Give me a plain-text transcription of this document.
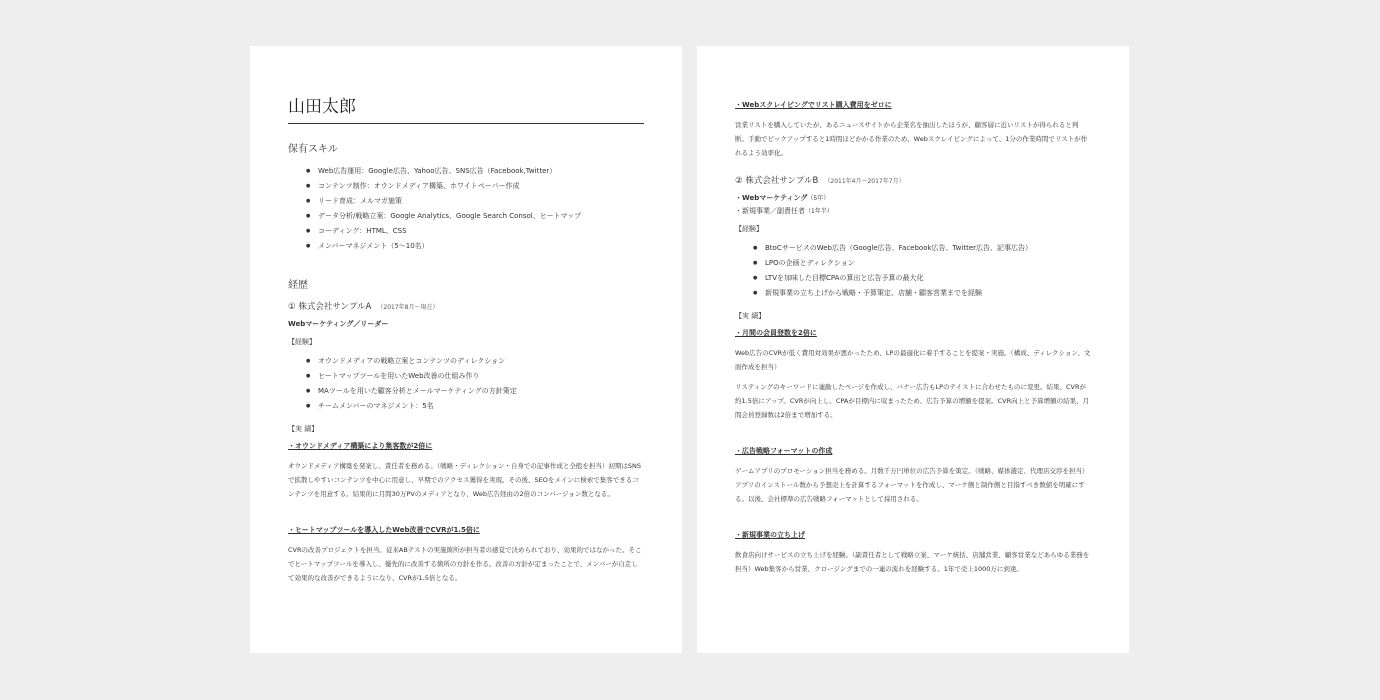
山田太郎
保有スキル
● Web広告運用：Google広告、Yahoo広告、SNS広告（Facebook,Twitter）
● コンテンツ制作：オウンドメディア構築、ホワイトペーパー作成
● リード育成：メルマガ施策
● データ分析/戦略立案：Google Analytics、Google Search Consol、ヒートマップ
● コーディング：HTML、CSS
● メンバーマネジメント（5〜10名）
経歴
① 株式会社サンプルA （2017年8月〜現在）
Webマーケティング／リーダー
【経験】
● オウンドメディアの戦略立案とコンテンツのディレクション
● ヒートマップツールを用いたWeb改善の仕組み作り
● MAツールを用いた顧客分析とメールマーケティングの方針策定
● チームメンバーのマネジメント：5名
【実 績】
・オウンドメディア構築により集客数が2倍に

オウンドメディア構築を発案し、責任者を務める。（戦略・ディレクション・自身での記事作成と全般を担当）初期はSNSで拡散しやすいコンテンツを中心に用意し、早期でのアクセス獲得を実現。その後、SEOをメインに検索で集客できるコンテンツを用意する。結果的に月間30万PVのメディアとなり、Web広告経由の2倍のコンバージョン数となる。

・ヒートマップツールを導入したWeb改善でCVRが1.5倍に

CVRの改善プロジェクトを担当。従来ABテストの実施箇所が担当者の感覚で決められており、効果的ではなかった。そこでヒートマップツールを導入し、優先的に改善する箇所の方針を作る。改善の方針が定まったことで、メンバーが自走して効果的な改善ができるようになり、CVRが1.5倍となる。

・Webスクレイピングでリスト購入費用をゼロに

営業リストを購入していたが、あるニュースサイトから企業名を抽出したほうが、顧客層に近いリストが得られると判断。手動でピックアップすると1時間ほどかかる作業のため、Webスクレイピングによって、1分の作業時間でリストが作れるよう効率化。

② 株式会社サンプルB （2011年4月〜2017年7月）
・Webマーケティング（5年）
・新規事業／副責任者（1年半）
【経験】
● BtoCサービスのWeb広告（Google広告、Facebook広告、Twitter広告、記事広告）
● LPOの企画とディレクション
● LTVを加味した目標CPAの算出と広告予算の最大化
● 新規事業の立ち上げから戦略・予算策定、店舗・顧客営業までを経験
【実 績】
・月間の会員登数を2倍に

Web広告のCVRが低く費用対効果が悪かったため、LPの最適化に着手することを提案・実施。（構成、ディレクション、文面作成を担当）

リスティングのキーワードに連動したページを作成し、バナー広告もLPのテイストに合わせたものに変更。結果、CVRが約1.5倍にアップ。CVRが向上し、CPAが目標内に収まったため、広告予算の増額を提案。CVR向上と予算増額の結果、月間会員登録数は2倍まで増加する。

・広告戦略フォーマットの作成

ゲームアプリのプロモーション担当を務める。月数千万円単位の広告予算を策定。（戦略、媒体選定、代理店交渉を担当）アプリのインストール数から予想売上を計算するフォーマットを作成し、マーケ側と制作側と目指すべき数値を明確にする。以後、会社標準の広告戦略フォーマットとして採用される。

・新規事業の立ち上げ

飲食店向けサービスの立ち上げを経験。（副責任者として戦略立案、マーケ統括、店舗営業、顧客営業などあらゆる業務を担当）Web集客から営業、クロージングまでの一連の流れを経験する。1年で売上1000万に到達。
